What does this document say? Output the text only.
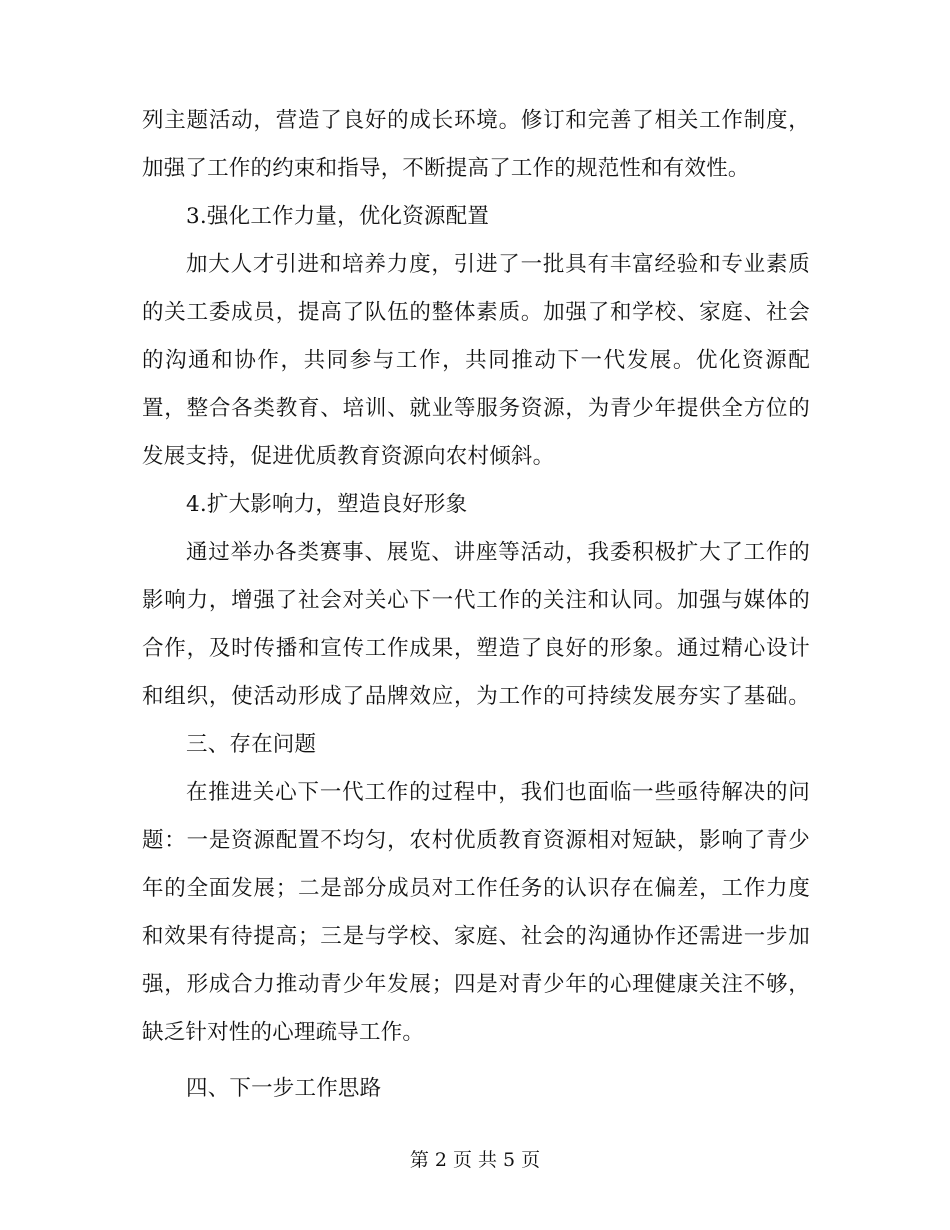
列主题活动，营造了良好的成长环境。修订和完善了相关工作制度，
加强了工作的约束和指导，不断提高了工作的规范性和有效性。
3.强化工作力量，优化资源配置
加大人才引进和培养力度，引进了一批具有丰富经验和专业素质
的关工委成员，提高了队伍的整体素质。加强了和学校、家庭、社会
的沟通和协作，共同参与工作，共同推动下一代发展。优化资源配
置，整合各类教育、培训、就业等服务资源，为青少年提供全方位的
发展支持，促进优质教育资源向农村倾斜。
4.扩大影响力，塑造良好形象
通过举办各类赛事、展览、讲座等活动，我委积极扩大了工作的
影响力，增强了社会对关心下一代工作的关注和认同。加强与媒体的
合作，及时传播和宣传工作成果，塑造了良好的形象。通过精心设计
和组织，使活动形成了品牌效应，为工作的可持续发展夯实了基础。
三、存在问题
在推进关心下一代工作的过程中，我们也面临一些亟待解决的问
题：一是资源配置不均匀，农村优质教育资源相对短缺，影响了青少
年的全面发展；二是部分成员对工作任务的认识存在偏差，工作力度
和效果有待提高；三是与学校、家庭、社会的沟通协作还需进一步加
强，形成合力推动青少年发展；四是对青少年的心理健康关注不够，
缺乏针对性的心理疏导工作。
四、下一步工作思路
第 2 页 共 5 页
